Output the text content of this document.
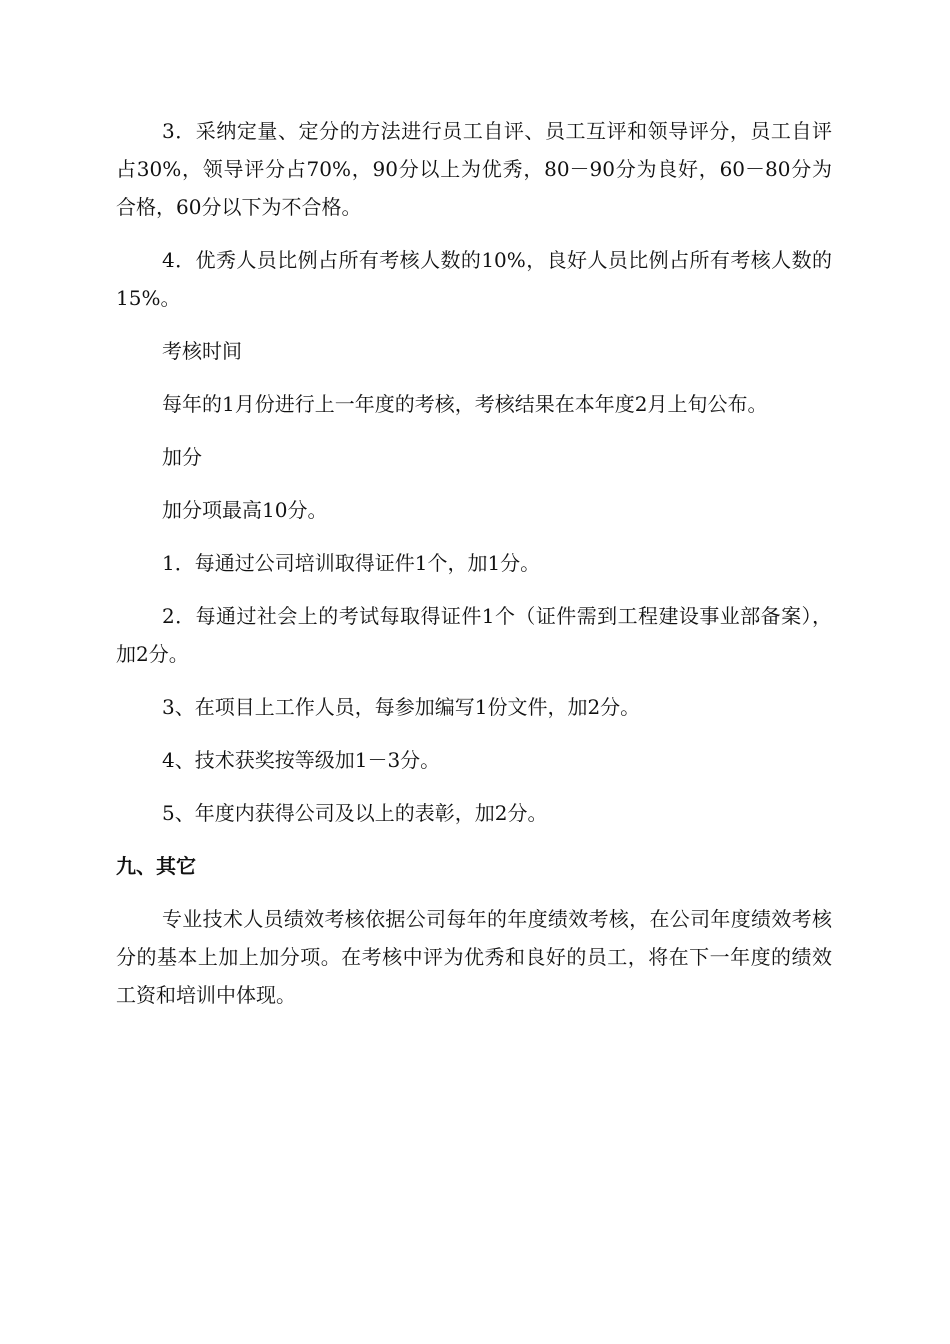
3．采纳定量、定分的方法进行员工自评、员工互评和领导评分，员工自评占30%，领导评分占70%，90分以上为优秀，80－90分为良好，60－80分为合格，60分以下为不合格。

4．优秀人员比例占所有考核人数的10%，良好人员比例占所有考核人数的15%。

考核时间

每年的1月份进行上一年度的考核，考核结果在本年度2月上旬公布。

加分

加分项最高10分。

1．每通过公司培训取得证件1个，加1分。

2．每通过社会上的考试每取得证件1个（证件需到工程建设事业部备案），加2分。

3、在项目上工作人员，每参加编写1份文件，加2分。

4、技术获奖按等级加1－3分。

5、年度内获得公司及以上的表彰，加2分。

九、其它

专业技术人员绩效考核依据公司每年的年度绩效考核，在公司年度绩效考核分的基本上加上加分项。在考核中评为优秀和良好的员工，将在下一年度的绩效工资和培训中体现。
